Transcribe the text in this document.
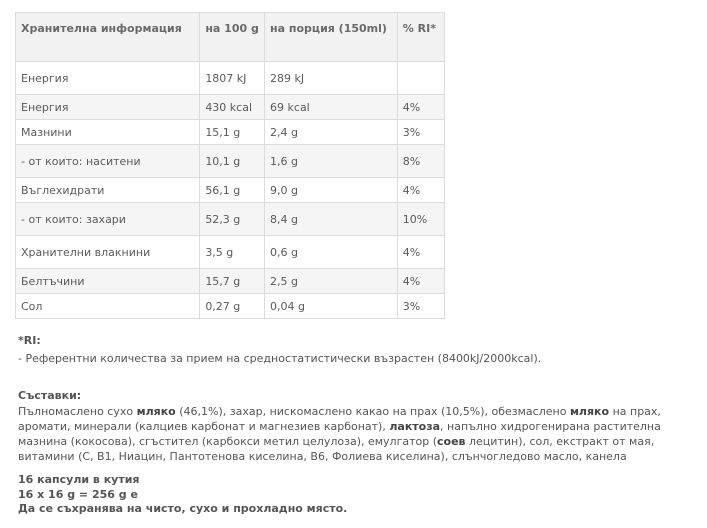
Хранителна информация	на 100 g	на порция (150ml)	% RI*
Енергия	1807 kJ	289 kJ	
Енергия	430 kcal	69 kcal	4%
Мазнини	15,1 g	2,4 g	3%
- от които: наситени	10,1 g	1,6 g	8%
Въглехидрати	56,1 g	9,0 g	4%
- от които: захари	52,3 g	8,4 g	10%
Хранителни влакнини	3,5 g	0,6 g	4%
Белтъчини	15,7 g	2,5 g	4%
Сол	0,27 g	0,04 g	3%
*RI:
- Референтни количества за прием на средностатистически възрастен (8400kJ/2000kcal).
Съставки:
Пълномаслено сухо мляко (46,1%), захар, нискомаслено какао на прах (10,5%), обезмаслено мляко на прах, аромати, минерали (калциев карбонат и магнезиев карбонат), лактоза, напълно хидрогенирана растителна мазнина (кокосова), сгъстител (карбокси метил целулоза), емулгатор (соев лецитин), сол, екстракт от мая, витамини (C, B1, Ниацин, Пантотенова киселина, B6, Фолиева киселина), слънчогледово масло, канела
16 капсули в кутия
16 x 16 g = 256 g e
Да се съхранява на чисто, сухо и прохладно място.
